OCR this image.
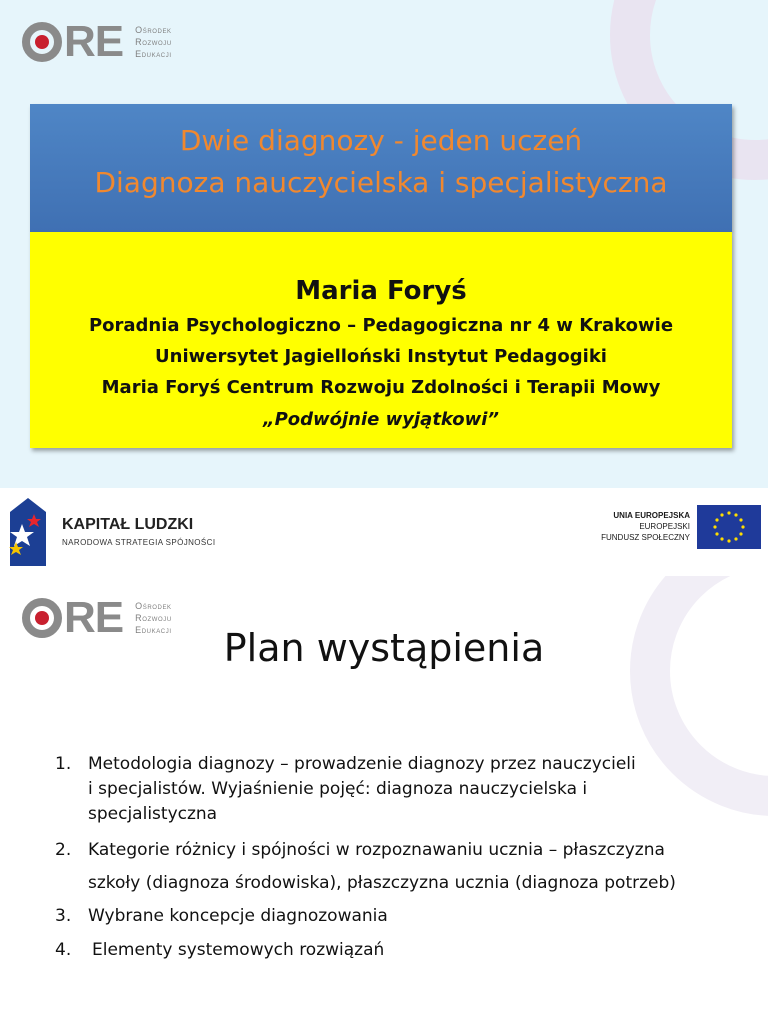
RE Ośrodek
Rozwoju
Edukacji
Dwie diagnozy - jeden uczeń
Diagnoza nauczycielska i specjalistyczna
Maria Foryś
Poradnia Psychologiczno – Pedagogiczna nr 4 w Krakowie
Uniwersytet Jagielloński Instytut Pedagogiki
Maria Foryś Centrum Rozwoju Zdolności i Terapii Mowy
„Podwójnie wyjątkowi”
KAPITAŁ LUDZKI
NARODOWA STRATEGIA SPÓJNOŚCI
UNIA EUROPEJSKA
EUROPEJSKI
FUNDUSZ SPOŁECZNY
RE Ośrodek
Rozwoju
Edukacji	Plan wystąpienia
1. Metodologia diagnozy – prowadzenie diagnozy przez nauczycieli
i specjalistów. Wyjaśnienie pojęć: diagnoza nauczycielska i
specjalistyczna
2. Kategorie różnicy i spójności w rozpoznawaniu ucznia – płaszczyzna
szkoły (diagnoza środowiska), płaszczyzna ucznia (diagnoza potrzeb)
3. Wybrane koncepcje diagnozowania
4. Elementy systemowych rozwiązań
